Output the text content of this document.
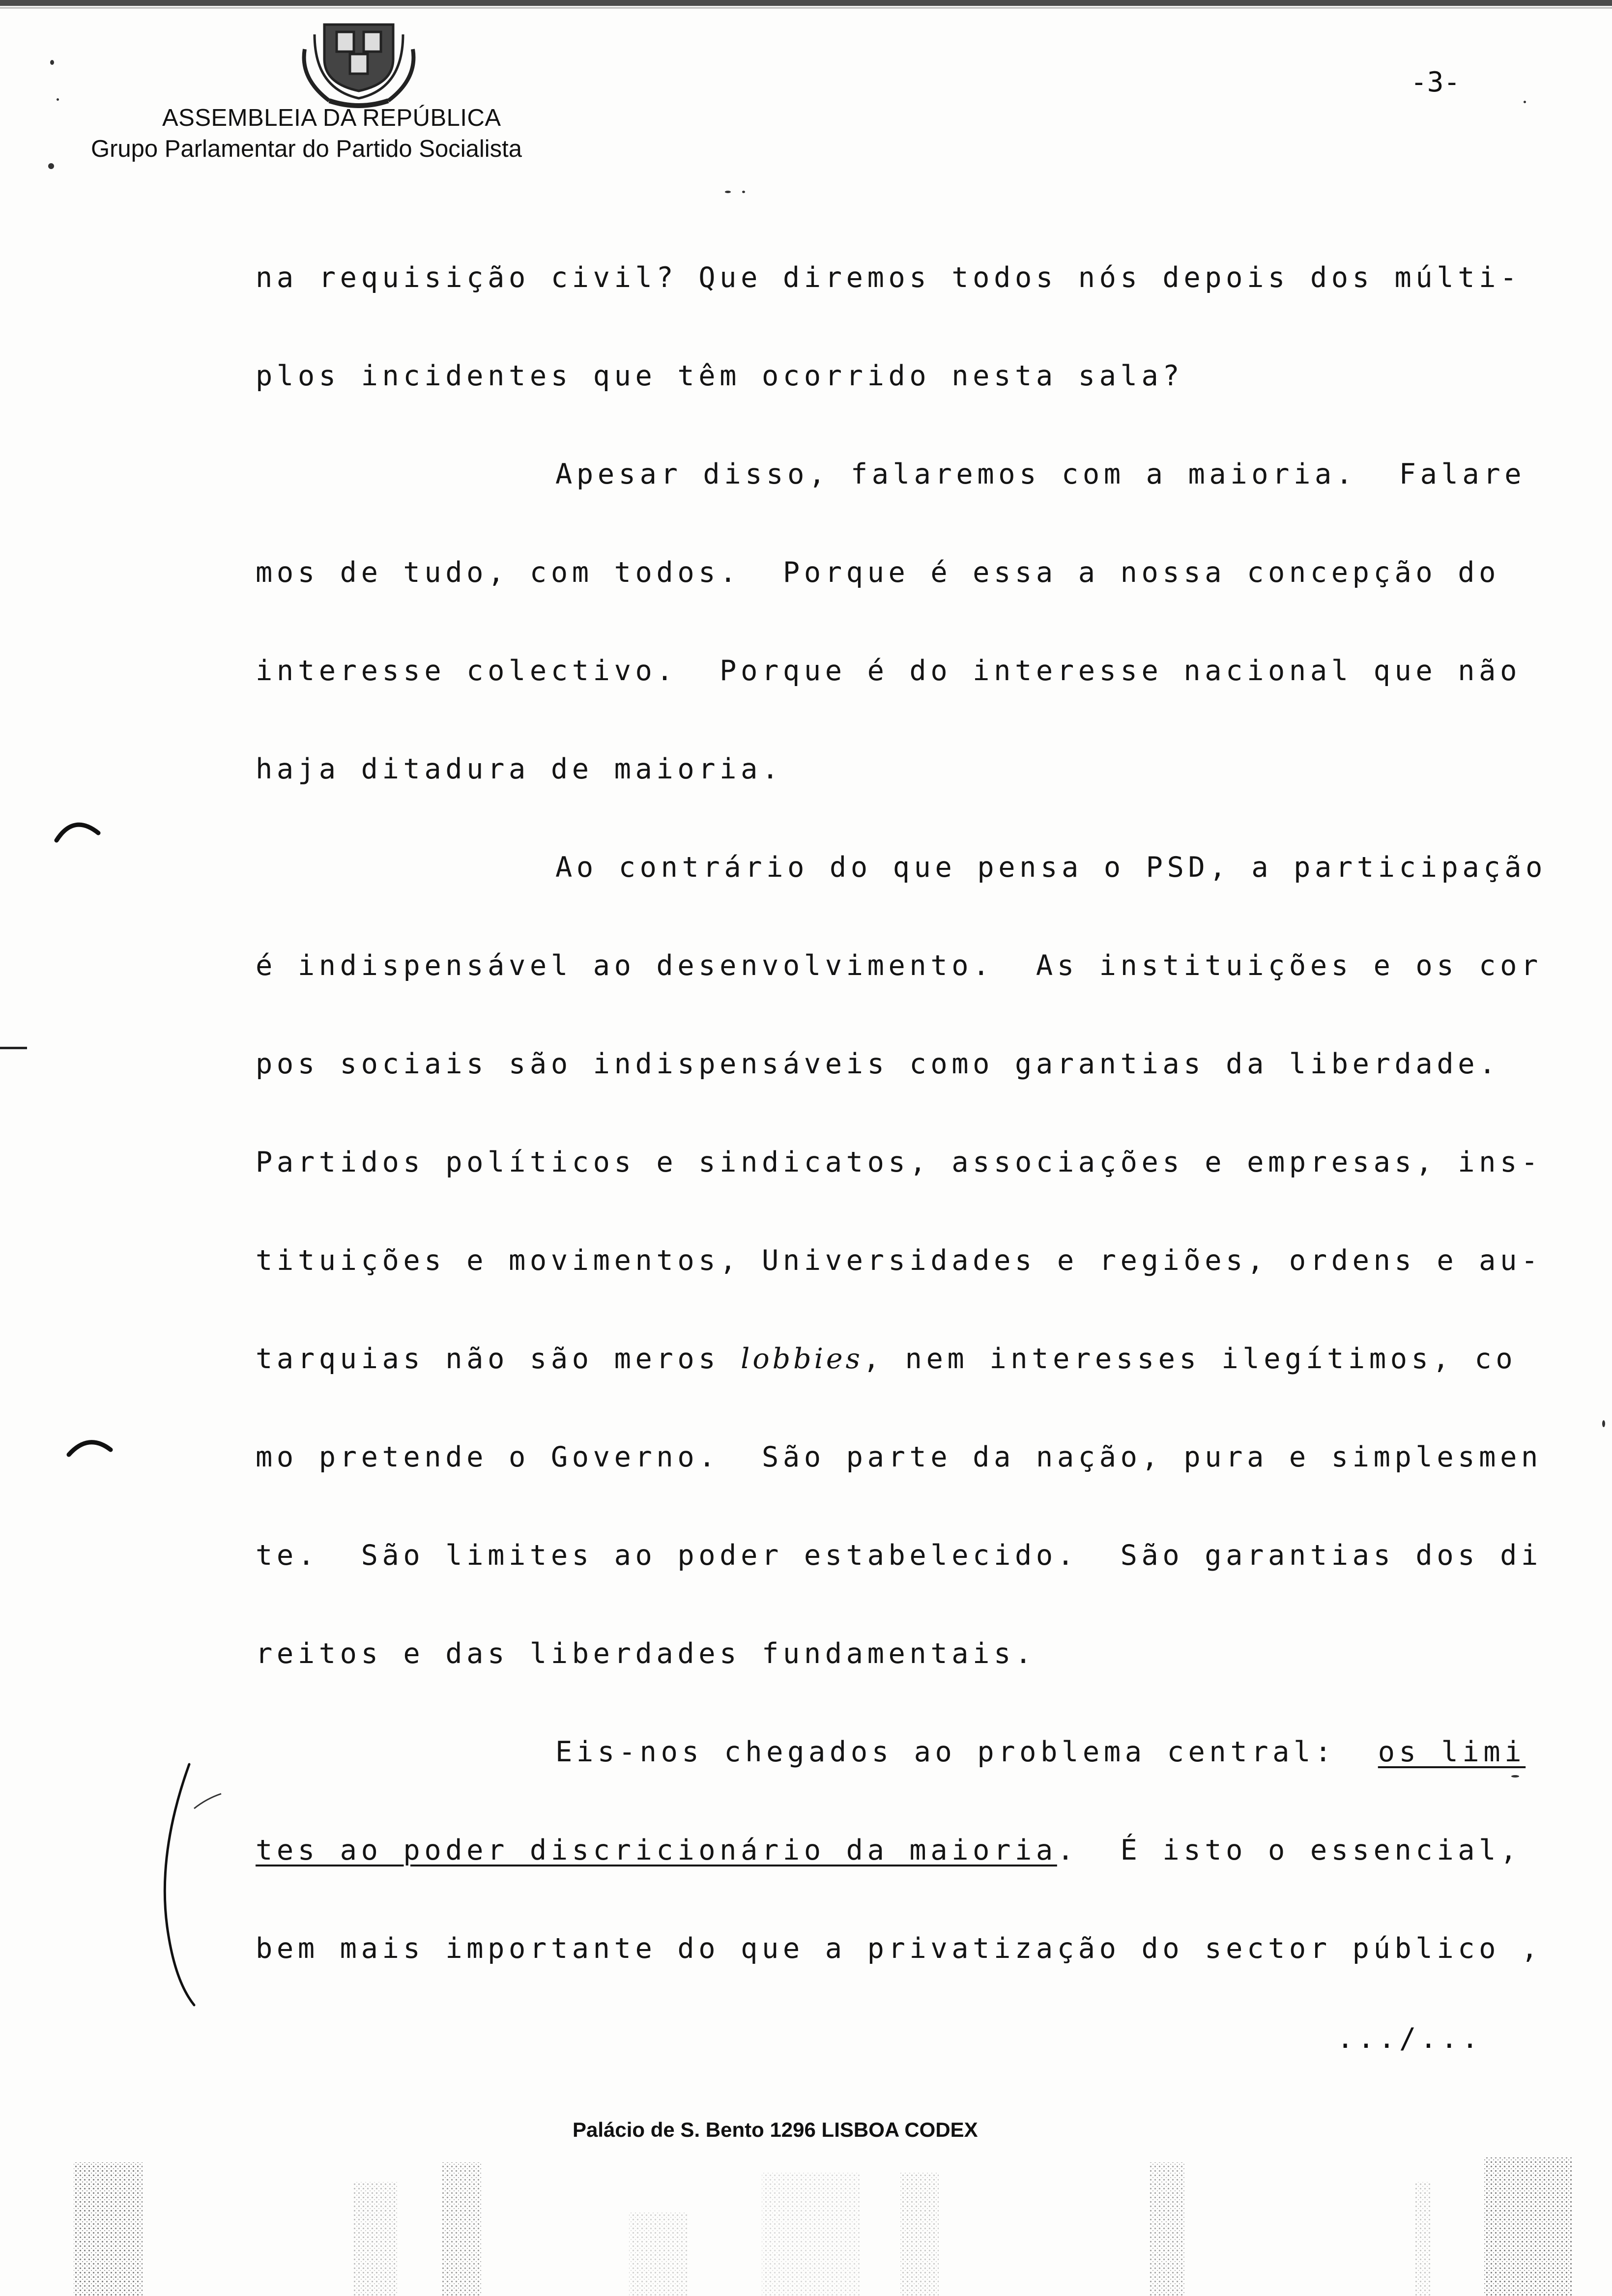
ASSEMBLEIA DA REPÚBLICA
Grupo Parlamentar do Partido Socialista
-3-
na requisição civil? Que diremos todos nós depois dos múlti-
plos incidentes que têm ocorrido nesta sala?
Apesar disso, falaremos com a maioria.  Falare
mos de tudo, com todos.  Porque é essa a nossa concepção do
interesse colectivo.  Porque é do interesse nacional que não
haja ditadura de maioria.
Ao contrário do que pensa o PSD, a participação
é indispensável ao desenvolvimento.  As instituições e os cor
pos sociais são indispensáveis como garantias da liberdade.
Partidos políticos e sindicatos, associações e empresas, ins-
tituições e movimentos, Universidades e regiões, ordens e au-
tarquias não são meros lobbies, nem interesses ilegítimos, co
mo pretende o Governo.  São parte da nação, pura e simplesmen
te.  São limites ao poder estabelecido.  São garantias dos di
reitos e das liberdades fundamentais.
Eis-nos chegados ao problema central:  os limi
tes ao poder discricionário da maioria.  É isto o essencial,
bem mais importante do que a privatização do sector público ,
.../...
Palácio de S. Bento 1296 LISBOA CODEX
